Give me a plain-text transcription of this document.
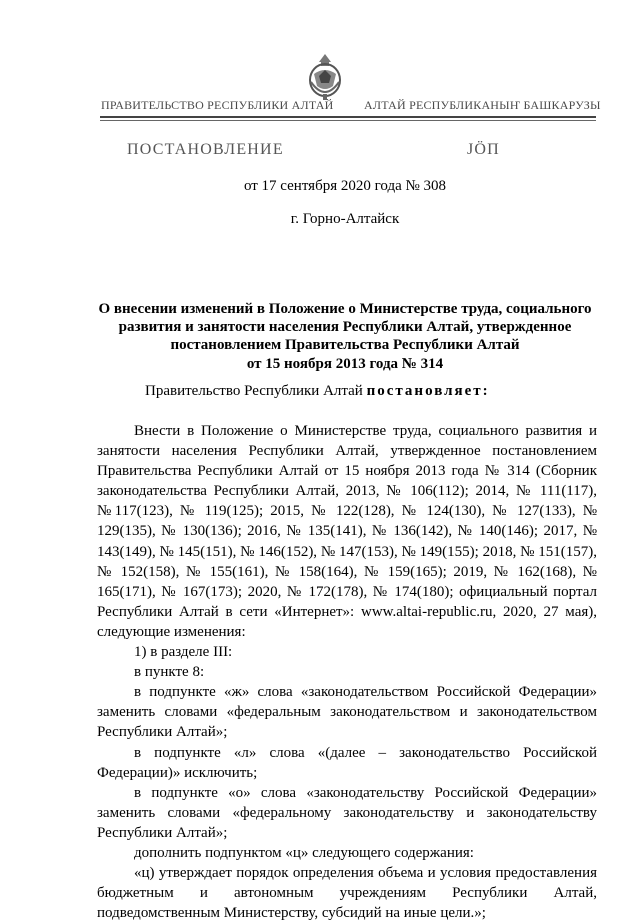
ПРАВИТЕЛЬСТВО РЕСПУБЛИКИ АЛТАЙ	АЛТАЙ РЕСПУБЛИКАНЫҤ БАШКАРУЗЫ
ПОСТАНОВЛЕНИЕ	ЈӦП
от 17 сентября 2020 года № 308
г. Горно-Алтайск
О внесении изменений в Положение о Министерстве труда, социального
развития и занятости населения Республики Алтай, утвержденное
постановлением Правительства Республики Алтай
от 15 ноября 2013 года № 314
Правительство Республики Алтай постановляет:

Внести в Положение о Министерстве труда, социального развития и занятости населения Республики Алтай, утвержденное постановлением Правительства Республики Алтай от 15 ноября 2013 года № 314 (Сборник законодательства Республики Алтай, 2013, № 106(112); 2014, № 111(117), №117(123), № 119(125); 2015, № 122(128), № 124(130), № 127(133), № 129(135), № 130(136); 2016, № 135(141), № 136(142), № 140(146); 2017, № 143(149), № 145(151), № 146(152), № 147(153), № 149(155); 2018, № 151(157), № 152(158), № 155(161), № 158(164), № 159(165); 2019, № 162(168), № 165(171), № 167(173); 2020, № 172(178), № 174(180); официальный портал Республики Алтай в сети «Интернет»: www.altai-republic.ru, 2020, 27 мая), следующие изменения:

1) в разделе III:

в пункте 8:

в подпункте «ж» слова «законодательством Российской Федерации» заменить словами «федеральным законодательством и законодательством Республики Алтай»;

в подпункте «л» слова «(далее – законодательство Российской Федерации)» исключить;

в подпункте «о» слова «законодательству Российской Федерации» заменить словами «федеральному законодательству и законодательству Республики Алтай»;

дополнить подпунктом «ц» следующего содержания:

«ц) утверждает порядок определения объема и условия предоставления бюджетным и автономным учреждениям Республики Алтай, подведомственным Министерству, субсидий на иные цели.»;
